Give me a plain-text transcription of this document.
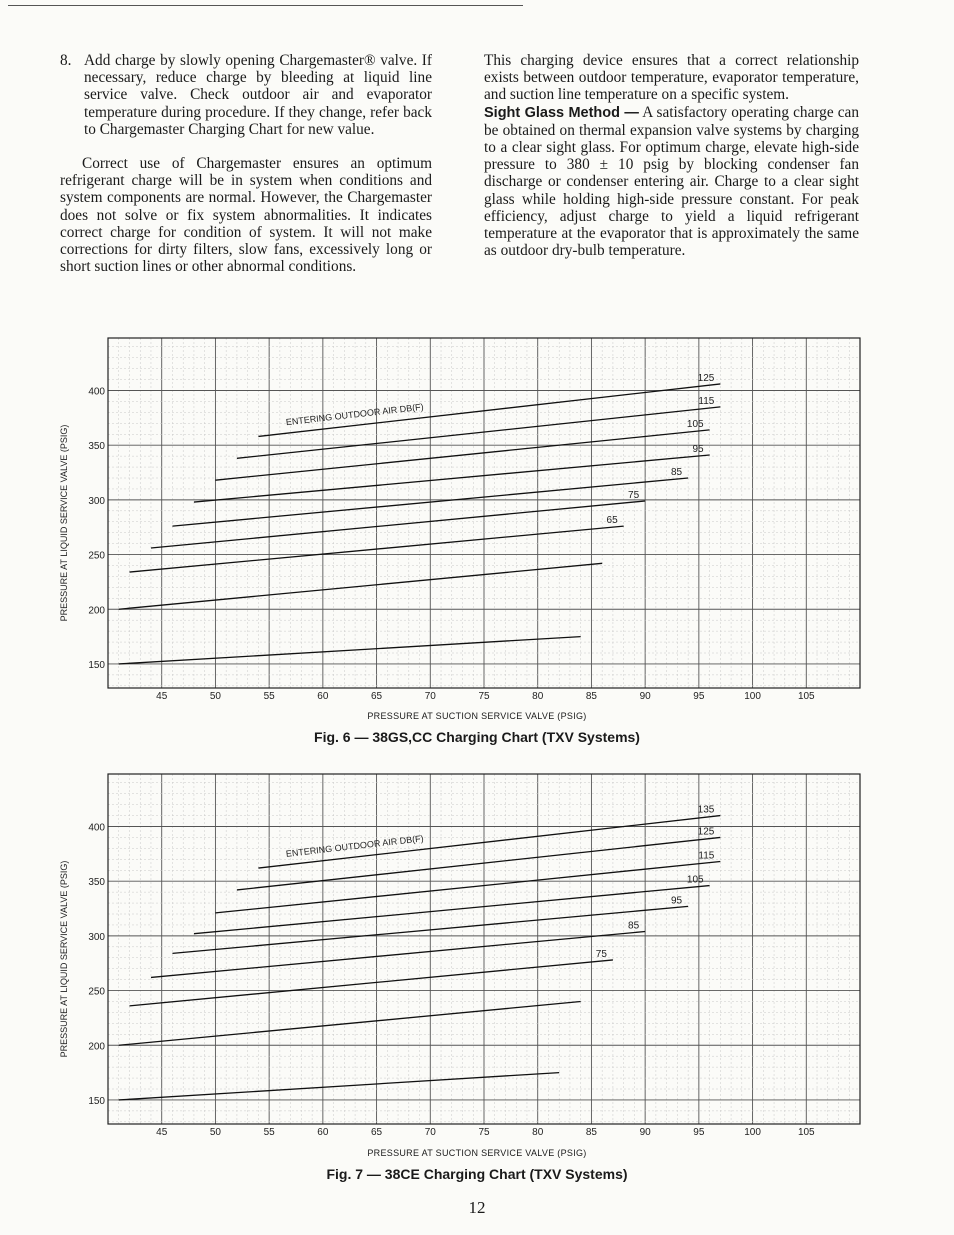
8. Add charge by slowly opening Chargemaster® valve. If necessary, reduce charge by bleeding at liquid line service valve. Check outdoor air and evaporator temperature during procedure. If they change, refer back to Chargemaster Charging Chart for new value.

Correct use of Chargemaster ensures an optimum refrigerant charge will be in system when conditions and system components are normal. However, the Chargemaster does not solve or fix system abnormalities. It indicates correct charge for condition of system. It will not make corrections for dirty filters, slow fans, excessively long or short suction lines or other abnormal conditions.

This charging device ensures that a correct relationship exists between outdoor temperature, evaporator temperature, and suction line temperature on a specific system.

Sight Glass Method — A satisfactory operating charge can be obtained on thermal expansion valve systems by charging to a clear sight glass. For optimum charge, elevate high-side pressure to 380 ± 10 psig by blocking condenser fan discharge or condenser entering air. Charge to a clear sight glass while holding high-side pressure constant. For peak efficiency, adjust charge to yield a liquid refrigerant temperature at the evaporator that is approximately the same as outdoor dry-bulb temperature.

45	50	55	60	65	70	75	80	85	90	95	100	105
400
350
300
250
200
150
PRESSURE AT LIQUID SERVICE VALVE (PSIG)
125
115
105
95
85
75
65
ENTERING OUTDOOR AIR DB(F)
PRESSURE AT SUCTION SERVICE VALVE (PSIG)
Fig. 6 — 38GS,CC Charging Chart (TXV Systems)
45	50	55	60	65	70	75	80	85	90	95	100	105
400
350
300
250
200
150
PRESSURE AT LIQUID SERVICE VALVE (PSIG)
135
125
115
105
95
85
75
ENTERING OUTDOOR AIR DB(F)
PRESSURE AT SUCTION SERVICE VALVE (PSIG)
Fig. 7 — 38CE Charging Chart (TXV Systems)
12
